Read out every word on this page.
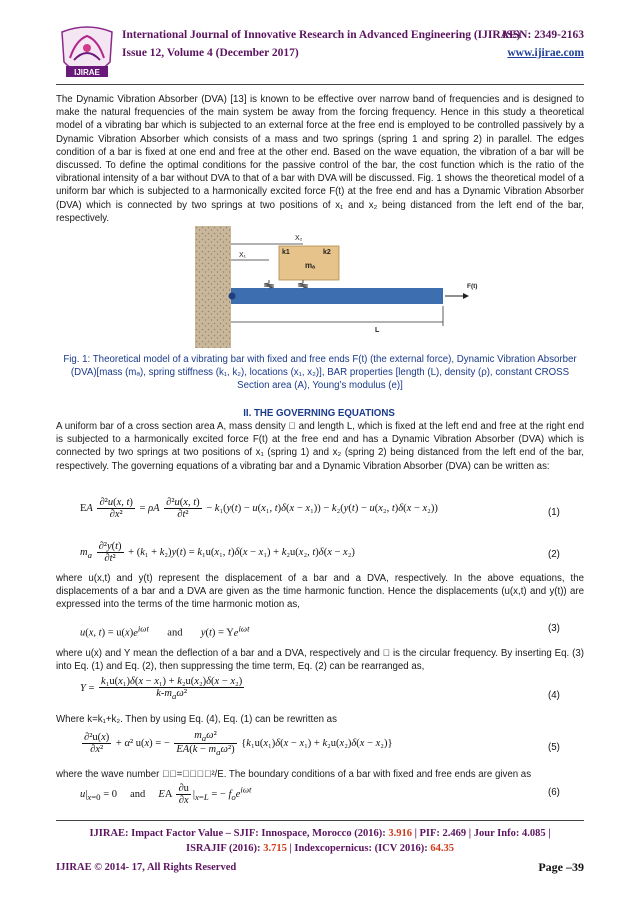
IJIRAE
International Journal of Innovative Research in Advanced Engineering (IJIRAE)
ISSN: 2349-2163
Issue 12, Volume 4 (December 2017)	www.ijirae.com
The Dynamic Vibration Absorber (DVA) [13] is known to be effective over narrow band of frequencies and is designed to make the natural frequencies of the main system be away from the forcing frequency. Hence in this study a theoretical model of a vibrating bar which is subjected to an external force at the free end is employed to be controlled passively by a Dynamic Vibration Absorber which consists of a mass and two springs (spring 1 and spring 2) in parallel. The edges condition of a bar is fixed at one end and free at the other end. Based on the wave equation, the vibration of a bar will be discussed. To define the optimal conditions for the passive control of the bar, the cost function which is the ratio of the vibrational intensity of a bar without DVA to that of a bar with DVA will be discussed. Fig. 1 shows the theoretical model of a uniform bar which is subjected to a harmonically excited force F(t) at the free end and has a Dynamic Vibration Absorber (DVA) which is connected by two springs at two positions of x₁ and x₂ being distanced from the left end of the bar, respectively.
X₂
X₁
mₐ
k1	k2
F(t)
L
Fig. 1: Theoretical model of a vibrating bar with fixed and free ends F(t) (the external force), Dynamic Vibration Absorber (DVA)[mass (mₐ), spring stiffness (k₁, k₂), locations (x₁, x₂)], BAR properties [length (L), density (ρ), constant CROSS Section area (A), Young’s modulus (e)]
II. THE GOVERNING EQUATIONS
A uniform bar of a cross section area A, mass density   and length L, which is fixed at the left end and free at the right end is subjected to a harmonically excited force F(t) at the free end and has a Dynamic Vibration Absorber (DVA) which is connected by two springs at two positions of x₁ (spring 1) and x₂ (spring 2) being distanced from the left end of the bar, respectively. The governing equations of a vibrating bar and a Dynamic Vibration Absorber (DVA) can be written as:
EA $\frac{\text{∂²u(x, t)}}{\text{∂x²}} = \rho A \frac{\text{∂²u(x, t)}}{\text{∂t²}} - k_1(y(t) - u(x_1$, t)δ(x − x₁)) − k₂(y(t) − u(x₂, t)δ(x − x₂))	(1)
$m_a \frac{\text{∂²y(t)}}{\text{∂t²}} + (k_1 + k_2)y(t) = k_1u(x_1$, t)δ(x − x₁) + k₂u(x₂, t)δ(x − x₂)	(2)
where u(x,t) and y(t) represent the displacement of a bar and a DVA, respectively. In the above equations, the displacements of a bar and a DVA are given as the time harmonic function. Hence the displacements (u(x,t) and y(t)) are expressed into the terms of the time harmonic motion as,
u(x, $t) = u(x)e^{i\omega t}$ and $y(t) = Ye^{i\omega t}$	(3)
where u(x) and Y mean the deflection of a bar and a DVA, respectively and   is the circular frequency. By inserting Eq. (3) into Eq. (1) and Eq. (2), then suppressing the time term, Eq. (2) can be rearranged as,
$Y = \frac{\text{k₁u(x₁)δ(x − x₁) + k₂u(x₂)δ(x − x₂)}}{k-m_a\omega^2}$	(4)
Where k=k₁+k₂. Then by using Eq. (4), Eq. (1) can be rewritten as
$\frac{\text{∂²u(x)}}{\text{∂x²}} + \alpha^2$ u(x) = − $\frac{m_a\omega^2}{EA(k - m_a\omega^2)} \{k_1u(x_1)\delta(x - x_1) + k_2u(x_2)\delta(x - x_2)\}$	(5)
where the wave number   =    ²/E. The boundary conditions of a bar with fixed and free ends are given as
$u|_{x=0} = 0$     and EA $\frac{\partial u}{\partial x} |_{x=L}$ = − $f_oe^{i\omega t}$	(6)
IJIRAE: Impact Factor Value – SJIF: Innospace, Morocco (2016): 3.916 | PIF: 2.469 | Jour Info: 4.085 |
ISRAJIF (2016): 3.715 | Indexcopernicus: (ICV 2016): 64.35
IJIRAE © 2014- 17, All Rights Reserved	Page –39
